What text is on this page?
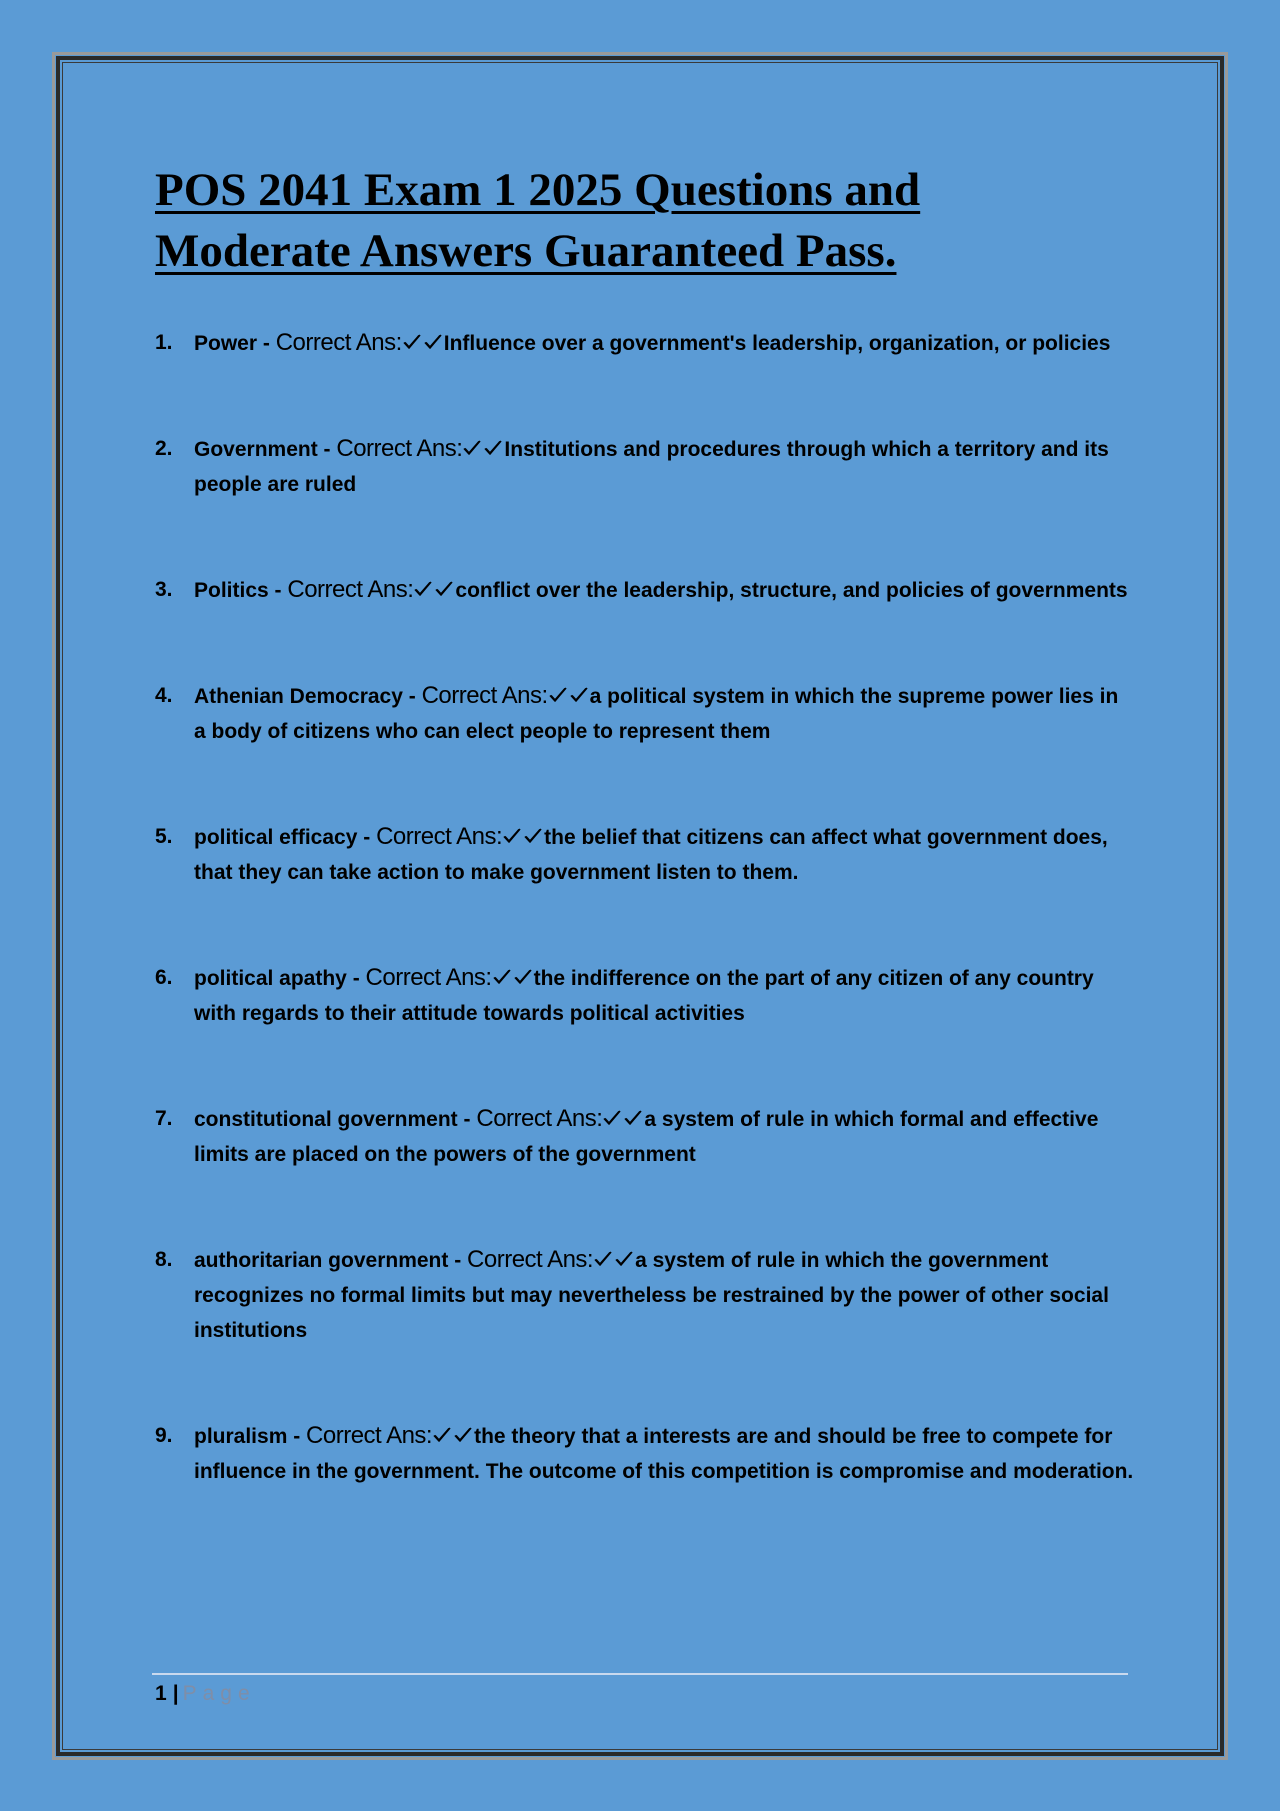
POS 2041 Exam 1 2025 Questions and Moderate Answers Guaranteed Pass.
1. Power - Correct Ans: Influence over a government's leadership, organization, or policies
2. Government - Correct Ans: Institutions and procedures through which a territory and its people are ruled
3. Politics - Correct Ans: conflict over the leadership, structure, and policies of governments
4. Athenian Democracy - Correct Ans: a political system in which the supreme power lies in a body of citizens who can elect people to represent them
5. political efficacy - Correct Ans: the belief that citizens can affect what government does, that they can take action to make government listen to them.
6. political apathy - Correct Ans: the indifference on the part of any citizen of any country with regards to their attitude towards political activities
7. constitutional government - Correct Ans: a system of rule in which formal and effective limits are placed on the powers of the government
8. authoritarian government - Correct Ans: a system of rule in which the government recognizes no formal limits but may nevertheless be restrained by the power of other social institutions
9. pluralism - Correct Ans: the theory that a interests are and should be free to compete for influence in the government. The outcome of this competition is compromise and moderation.
1 | Page
